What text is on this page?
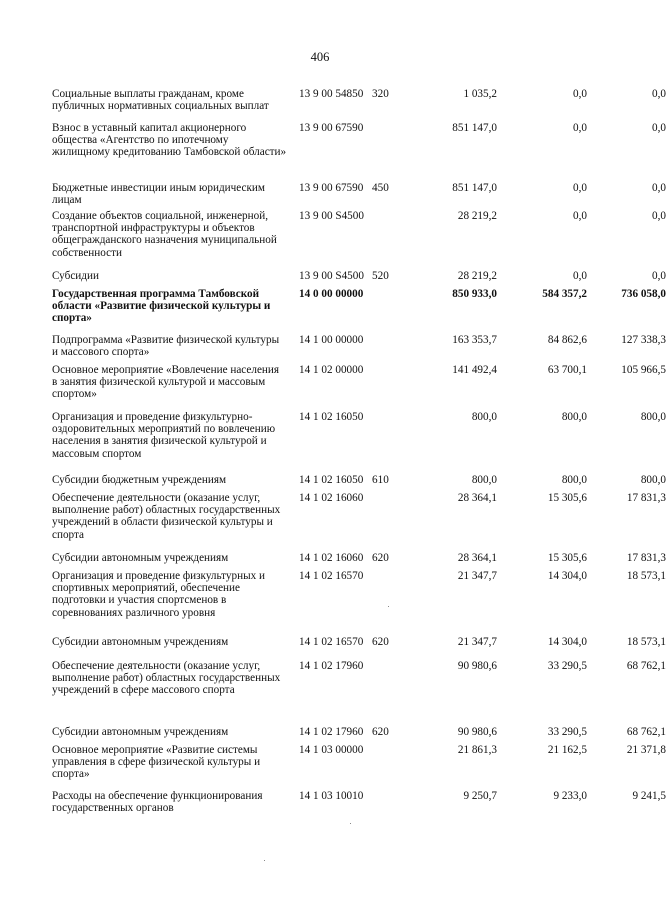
406
Социальные выплаты гражданам, кроме публичных нормативных социальных выплат
13 9 00 54850 320	1 035,2	0,0	0,0
Взнос в уставный капитал акционерного общества «Агентство по ипотечному жилищному кредитованию Тамбовской области»
13 9 00 67590	851 147,0	0,0	0,0
Бюджетные инвестиции иным юридическим лицам
13 9 00 67590 450	851 147,0	0,0	0,0
Создание объектов социальной, инженерной, транспортной инфраструктуры и объектов общегражданского назначения муниципальной собственности
13 9 00 S4500	28 219,2	0,0	0,0
Субсидии	13 9 00 S4500 520	28 219,2	0,0	0,0
Государственная программа Тамбовской области «Развитие физической культуры и спорта»
14 0 00 00000	850 933,0	584 357,2	736 058,0
Подпрограмма «Развитие физической культуры и массового спорта»
14 1 00 00000	163 353,7	84 862,6	127 338,3
Основное мероприятие «Вовлечение населения в занятия физической культурой и массовым спортом»
14 1 02 00000	141 492,4	63 700,1	105 966,5
Организация и проведение физкультурно-оздоровительных мероприятий по вовлечению населения в занятия физической культурой и массовым спортом
14 1 02 16050	800,0	800,0	800,0
Субсидии бюджетным учреждениям	14 1 02 16050 610	800,0	800,0	800,0
Обеспечение деятельности (оказание услуг, выполнение работ) областных государственных учреждений в области физической культуры и спорта
14 1 02 16060	28 364,1	15 305,6	17 831,3
Субсидии автономным учреждениям	14 1 02 16060 620	28 364,1	15 305,6	17 831,3
Организация и проведение физкультурных и спортивных мероприятий, обеспечение подготовки и участия спортсменов в соревнованиях различного уровня
14 1 02 16570	21 347,7	14 304,0	18 573,1
Субсидии автономным учреждениям	14 1 02 16570 620	21 347,7	14 304,0	18 573,1
Обеспечение деятельности (оказание услуг, выполнение работ) областных государственных учреждений в сфере массового спорта
14 1 02 17960	90 980,6	33 290,5	68 762,1
Субсидии автономным учреждениям	14 1 02 17960 620	90 980,6	33 290,5	68 762,1
Основное мероприятие «Развитие системы управления в сфере физической культуры и спорта»
14 1 03 00000	21 861,3	21 162,5	21 371,8
Расходы на обеспечение функционирования государственных органов
14 1 03 10010	9 250,7	9 233,0	9 241,5
